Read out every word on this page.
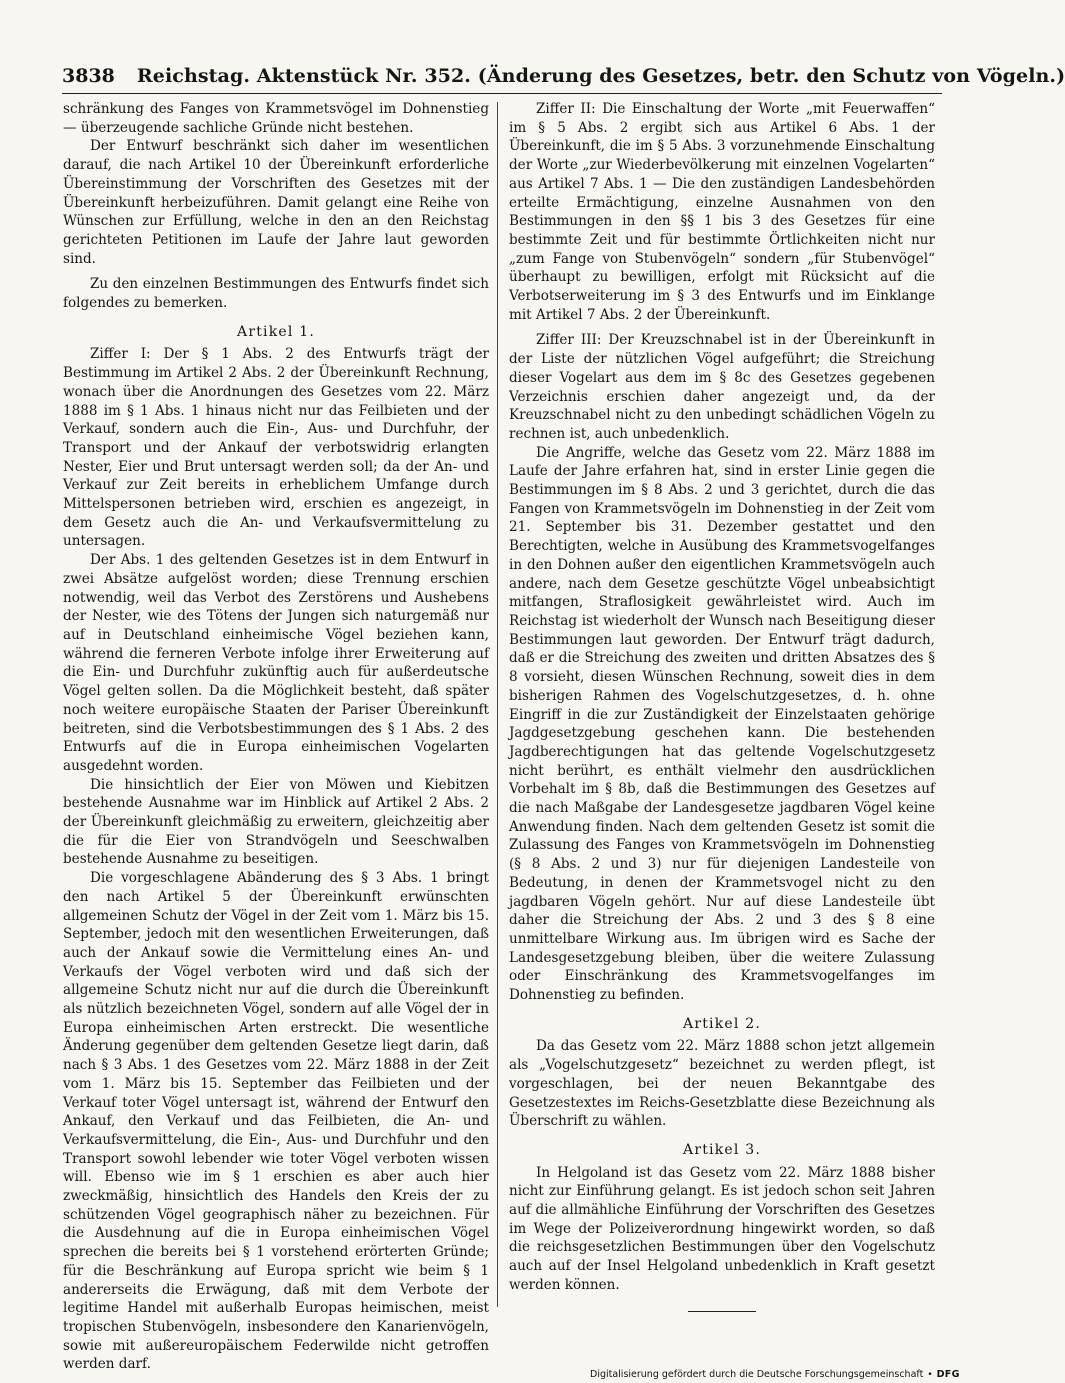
3838 Reichstag. Aktenstück Nr. 352. (Änderung des Gesetzes, betr. den Schutz von Vögeln.)

schränkung des Fanges von Krammetsvögel im Dohnenstieg — überzeugende sachliche Gründe nicht bestehen.

Der Entwurf beschränkt sich daher im wesentlichen darauf, die nach Artikel 10 der Übereinkunft erforderliche Übereinstimmung der Vorschriften des Gesetzes mit der Übereinkunft herbeizuführen. Damit gelangt eine Reihe von Wünschen zur Erfüllung, welche in den an den Reichstag gerichteten Petitionen im Laufe der Jahre laut geworden sind.

Zu den einzelnen Bestimmungen des Entwurfs findet sich folgendes zu bemerken.

Artikel 1.

Ziffer I: Der § 1 Abs. 2 des Entwurfs trägt der Bestimmung im Artikel 2 Abs. 2 der Übereinkunft Rechnung, wonach über die Anordnungen des Gesetzes vom 22. März 1888 im § 1 Abs. 1 hinaus nicht nur das Feilbieten und der Verkauf, sondern auch die Ein-, Aus- und Durchfuhr, der Transport und der Ankauf der verbotswidrig erlangten Nester, Eier und Brut untersagt werden soll; da der An- und Verkauf zur Zeit bereits in erheblichem Umfange durch Mittelspersonen betrieben wird, erschien es angezeigt, in dem Gesetz auch die An- und Verkaufsvermittelung zu untersagen.

Der Abs. 1 des geltenden Gesetzes ist in dem Entwurf in zwei Absätze aufgelöst worden; diese Trennung erschien notwendig, weil das Verbot des Zerstörens und Aushebens der Nester, wie des Tötens der Jungen sich naturgemäß nur auf in Deutschland einheimische Vögel beziehen kann, während die ferneren Verbote infolge ihrer Erweiterung auf die Ein- und Durchfuhr zukünftig auch für außerdeutsche Vögel gelten sollen. Da die Möglichkeit besteht, daß später noch weitere europäische Staaten der Pariser Übereinkunft beitreten, sind die Verbotsbestimmungen des § 1 Abs. 2 des Entwurfs auf die in Europa einheimischen Vogelarten ausgedehnt worden.

Die hinsichtlich der Eier von Möwen und Kiebitzen bestehende Ausnahme war im Hinblick auf Artikel 2 Abs. 2 der Übereinkunft gleichmäßig zu erweitern, gleichzeitig aber die für die Eier von Strandvögeln und Seeschwalben bestehende Ausnahme zu beseitigen.

Die vorgeschlagene Abänderung des § 3 Abs. 1 bringt den nach Artikel 5 der Übereinkunft erwünschten allgemeinen Schutz der Vögel in der Zeit vom 1. März bis 15. September, jedoch mit den wesentlichen Erweiterungen, daß auch der Ankauf sowie die Vermittelung eines An- und Verkaufs der Vögel verboten wird und daß sich der allgemeine Schutz nicht nur auf die durch die Übereinkunft als nützlich bezeichneten Vögel, sondern auf alle Vögel der in Europa einheimischen Arten erstreckt. Die wesentliche Änderung gegenüber dem geltenden Gesetze liegt darin, daß nach § 3 Abs. 1 des Gesetzes vom 22. März 1888 in der Zeit vom 1. März bis 15. September das Feilbieten und der Verkauf toter Vögel untersagt ist, während der Entwurf den Ankauf, den Verkauf und das Feilbieten, die An- und Verkaufsvermittelung, die Ein-, Aus- und Durchfuhr und den Transport sowohl lebender wie toter Vögel verboten wissen will. Ebenso wie im § 1 erschien es aber auch hier zweckmäßig, hinsichtlich des Handels den Kreis der zu schützenden Vögel geographisch näher zu bezeichnen. Für die Ausdehnung auf die in Europa einheimischen Vögel sprechen die bereits bei § 1 vorstehend erörterten Gründe; für die Beschränkung auf Europa spricht wie beim § 1 andererseits die Erwägung, daß mit dem Verbote der legitime Handel mit außerhalb Europas heimischen, meist tropischen Stubenvögeln, insbesondere den Kanarienvögeln, sowie mit außereuropäischem Federwilde nicht getroffen werden darf.

Ziffer II: Die Einschaltung der Worte „mit Feuerwaffen“ im § 5 Abs. 2 ergibt sich aus Artikel 6 Abs. 1 der Übereinkunft, die im § 5 Abs. 3 vorzunehmende Einschaltung der Worte „zur Wiederbevölkerung mit einzelnen Vogelarten“ aus Artikel 7 Abs. 1 — Die den zuständigen Landesbehörden erteilte Ermächtigung, einzelne Ausnahmen von den Bestimmungen in den §§ 1 bis 3 des Gesetzes für eine bestimmte Zeit und für bestimmte Örtlichkeiten nicht nur „zum Fange von Stubenvögeln“ sondern „für Stubenvögel“ überhaupt zu bewilligen, erfolgt mit Rücksicht auf die Verbotserweiterung im § 3 des Entwurfs und im Einklange mit Artikel 7 Abs. 2 der Übereinkunft.

Ziffer III: Der Kreuzschnabel ist in der Übereinkunft in der Liste der nützlichen Vögel aufgeführt; die Streichung dieser Vogelart aus dem im § 8c des Gesetzes gegebenen Verzeichnis erschien daher angezeigt und, da der Kreuzschnabel nicht zu den unbedingt schädlichen Vögeln zu rechnen ist, auch unbedenklich.

Die Angriffe, welche das Gesetz vom 22. März 1888 im Laufe der Jahre erfahren hat, sind in erster Linie gegen die Bestimmungen im § 8 Abs. 2 und 3 gerichtet, durch die das Fangen von Krammetsvögeln im Dohnenstieg in der Zeit vom 21. September bis 31. Dezember gestattet und den Berechtigten, welche in Ausübung des Krammetsvogelfanges in den Dohnen außer den eigentlichen Krammetsvögeln auch andere, nach dem Gesetze geschützte Vögel unbeabsichtigt mitfangen, Straflosigkeit gewährleistet wird. Auch im Reichstag ist wiederholt der Wunsch nach Beseitigung dieser Bestimmungen laut geworden. Der Entwurf trägt dadurch, daß er die Streichung des zweiten und dritten Absatzes des § 8 vorsieht, diesen Wünschen Rechnung, soweit dies in dem bisherigen Rahmen des Vogelschutzgesetzes, d. h. ohne Eingriff in die zur Zuständigkeit der Einzelstaaten gehörige Jagdgesetzgebung geschehen kann. Die bestehenden Jagdberechtigungen hat das geltende Vogelschutzgesetz nicht berührt, es enthält vielmehr den ausdrücklichen Vorbehalt im § 8b, daß die Bestimmungen des Gesetzes auf die nach Maßgabe der Landesgesetze jagdbaren Vögel keine Anwendung finden. Nach dem geltenden Gesetz ist somit die Zulassung des Fanges von Krammetsvögeln im Dohnenstieg (§ 8 Abs. 2 und 3) nur für diejenigen Landesteile von Bedeutung, in denen der Krammetsvogel nicht zu den jagdbaren Vögeln gehört. Nur auf diese Landesteile übt daher die Streichung der Abs. 2 und 3 des § 8 eine unmittelbare Wirkung aus. Im übrigen wird es Sache der Landesgesetzgebung bleiben, über die weitere Zulassung oder Einschränkung des Krammetsvogelfanges im Dohnenstieg zu befinden.

Artikel 2.

Da das Gesetz vom 22. März 1888 schon jetzt allgemein als „Vogelschutzgesetz“ bezeichnet zu werden pflegt, ist vorgeschlagen, bei der neuen Bekanntgabe des Gesetzestextes im Reichs-Gesetzblatte diese Bezeichnung als Überschrift zu wählen.

Artikel 3.

In Helgoland ist das Gesetz vom 22. März 1888 bisher nicht zur Einführung gelangt. Es ist jedoch schon seit Jahren auf die allmähliche Einführung der Vorschriften des Gesetzes im Wege der Polizeiverordnung hingewirkt worden, so daß die reichsgesetzlichen Bestimmungen über den Vogelschutz auch auf der Insel Helgoland unbedenklich in Kraft gesetzt werden können.

Digitalisierung gefördert durch die Deutsche Forschungsgemeinschaft • DFG
